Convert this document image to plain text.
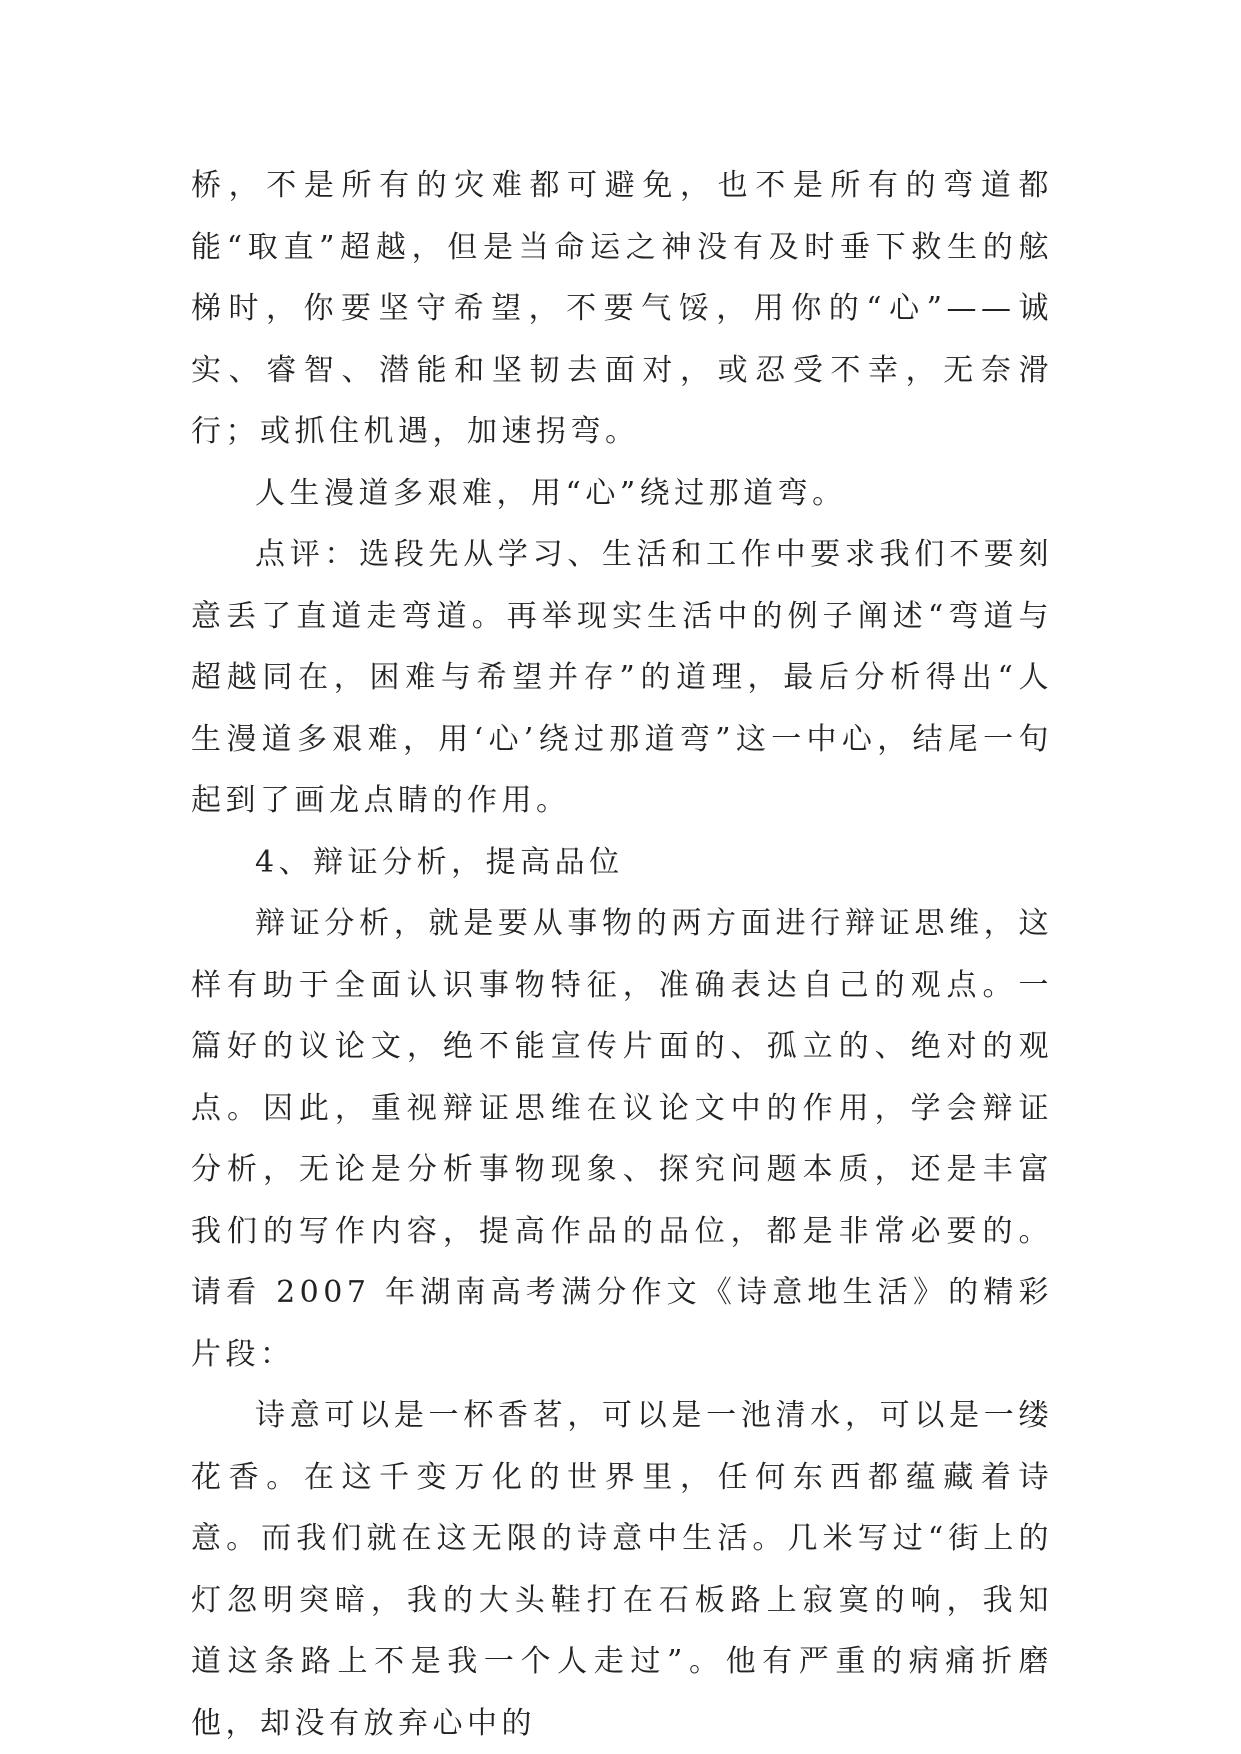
桥，不是所有的灾难都可避免，也不是所有的弯道都能“取直”超越，但是当命运之神没有及时垂下救生的舷梯时，你要坚守希望，不要气馁，用你的“心”——诚实、睿智、潜能和坚韧去面对，或忍受不幸，无奈滑行；或抓住机遇，加速拐弯。

人生漫道多艰难，用“心”绕过那道弯。

点评：选段先从学习、生活和工作中要求我们不要刻意丢了直道走弯道。再举现实生活中的例子阐述“弯道与超越同在，困难与希望并存”的道理，最后分析得出“人生漫道多艰难，用‘心’绕过那道弯”这一中心，结尾一句起到了画龙点睛的作用。

4、辩证分析，提高品位

辩证分析，就是要从事物的两方面进行辩证思维，这样有助于全面认识事物特征，准确表达自己的观点。一篇好的议论文，绝不能宣传片面的、孤立的、绝对的观点。因此，重视辩证思维在议论文中的作用，学会辩证分析，无论是分析事物现象、探究问题本质，还是丰富我们的写作内容，提高作品的品位，都是非常必要的。请看 2007 年湖南高考满分作文《诗意地生活》的精彩片段：

诗意可以是一杯香茗，可以是一池清水，可以是一缕花香。在这千变万化的世界里，任何东西都蕴藏着诗意。而我们就在这无限的诗意中生活。几米写过“街上的灯忽明突暗，我的大头鞋打在石板路上寂寞的响，我知道这条路上不是我一个人走过”。他有严重的病痛折磨他，却没有放弃心中的
